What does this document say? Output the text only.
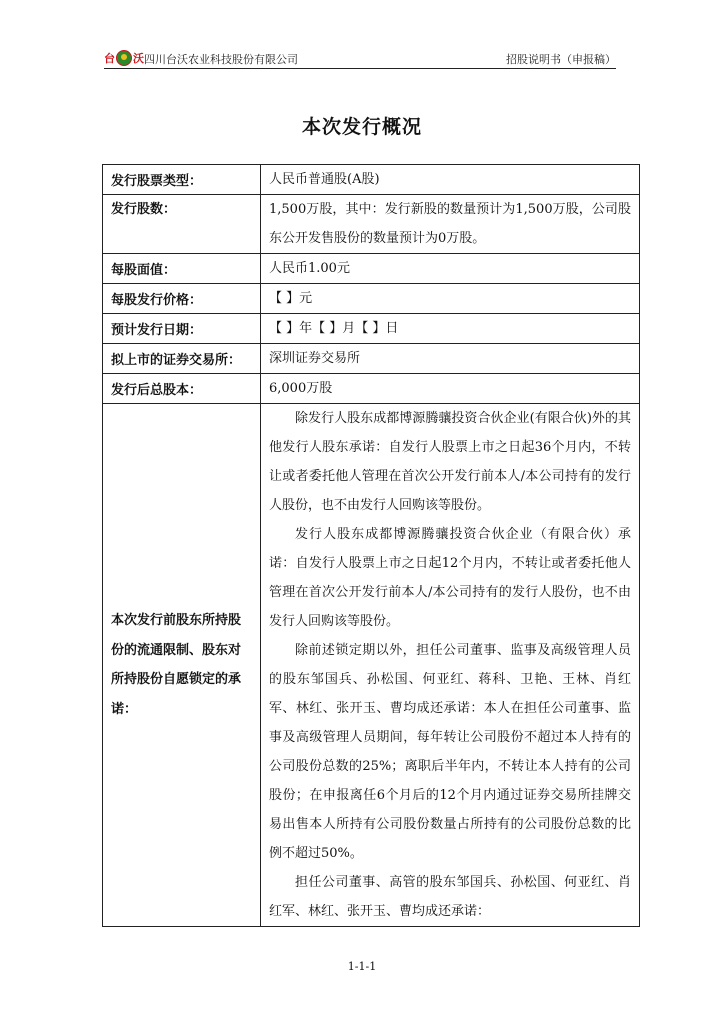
台 沃 四川台沃农业科技股份有限公司	招股说明书（申报稿）
本次发行概况
发行股票类型：	人民币普通股(A股)
发行股数：	1,500万股，其中：发行新股的数量预计为1,500万股，公司股东公开发售股份的数量预计为0万股。
每股面值：	人民币1.00元
每股发行价格：	【 】元
预计发行日期：	【 】年【 】月【 】日
拟上市的证券交易所：	深圳证券交易所
发行后总股本：	6,000万股
本次发行前股东所持股份的流通限制、股东对所持股份自愿锁定的承诺：	除发行人股东成都博源腾骧投资合伙企业(有限合伙)外的其他发行人股东承诺：自发行人股票上市之日起36个月内，不转让或者委托他人管理在首次公开发行前本人/本公司持有的发行人股份，也不由发行人回购该等股份。

发行人股东成都博源腾骧投资合伙企业（有限合伙）承诺：自发行人股票上市之日起12个月内，不转让或者委托他人管理在首次公开发行前本人/本公司持有的发行人股份，也不由发行人回购该等股份。

除前述锁定期以外，担任公司董事、监事及高级管理人员的股东邹国兵、孙松国、何亚红、蒋科、卫艳、王林、肖红军、林红、张开玉、曹均成还承诺：本人在担任公司董事、监事及高级管理人员期间，每年转让公司股份不超过本人持有的公司股份总数的25%；离职后半年内，不转让本人持有的公司股份；在申报离任6个月后的12个月内通过证券交易所挂牌交易出售本人所持有公司股份数量占所持有的公司股份总数的比例不超过50%。

担任公司董事、高管的股东邹国兵、孙松国、何亚红、肖红军、林红、张开玉、曹均成还承诺：

1-1-1
